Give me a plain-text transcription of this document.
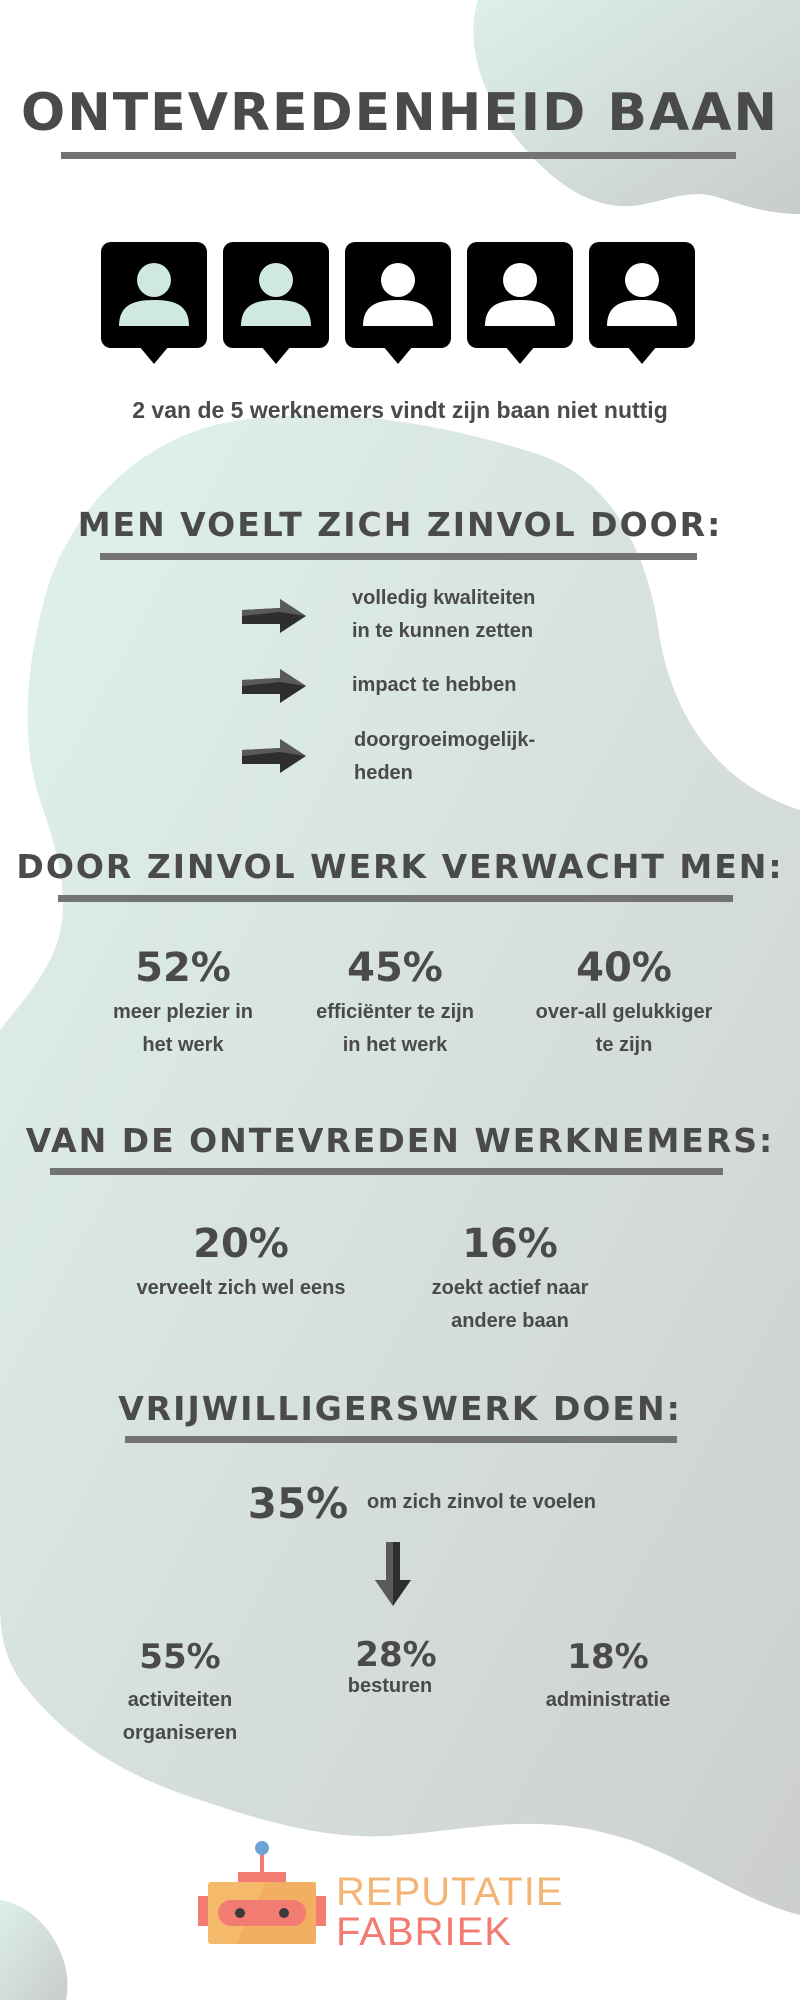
ONTEVREDENHEID BAAN
2 van de 5 werknemers vindt zijn baan niet nuttig
MEN VOELT ZICH ZINVOL DOOR:
volledig kwaliteiten
in te kunnen zetten
impact te hebben
doorgroeimogelijk-
heden
DOOR ZINVOL WERK VERWACHT MEN:
52%
meer plezier in
het werk
45%
efficiënter te zijn
in het werk
40%
over-all gelukkiger
te zijn
VAN DE ONTEVREDEN WERKNEMERS:
20%
verveelt zich wel eens
16%
zoekt actief naar
andere baan
VRIJWILLIGERSWERK DOEN:
35% om zich zinvol te voelen
55%
activiteiten
organiseren
28%
besturen
18%
administratie
REPUTATIE
FABRIEK
